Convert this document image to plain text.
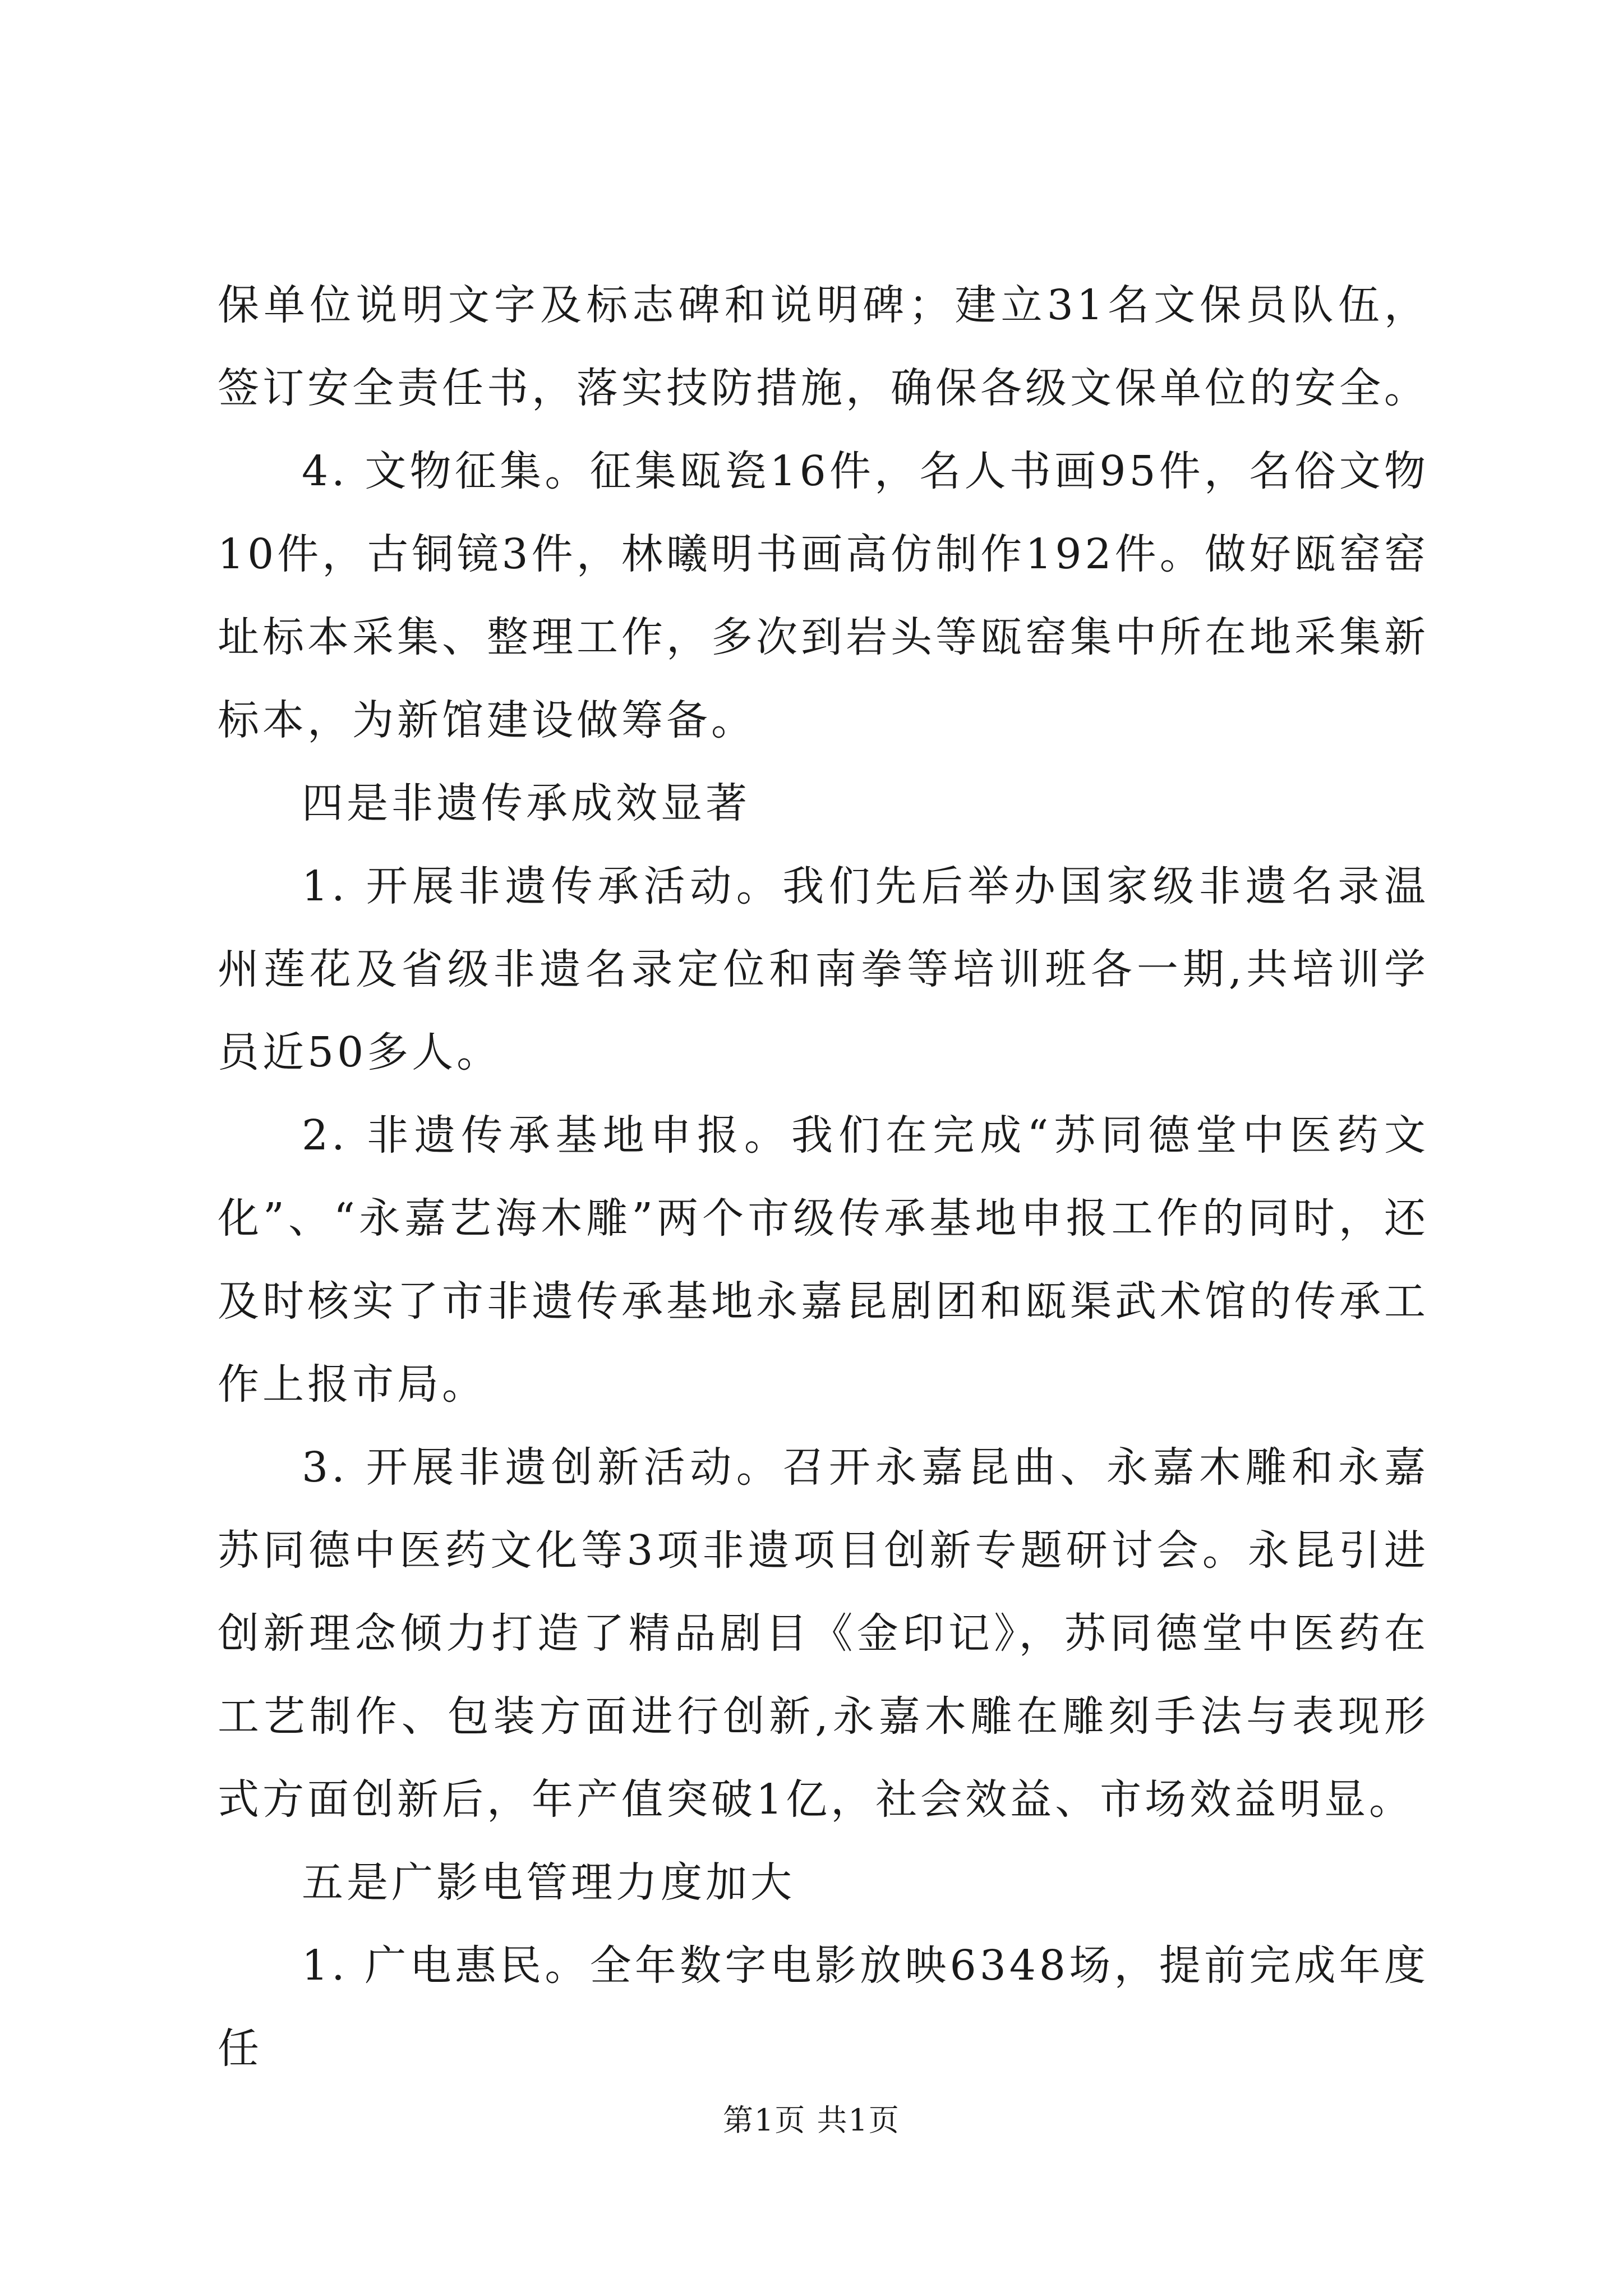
保单位说明文字及标志碑和说明碑；建立31名文保员队伍，签订安全责任书，落实技防措施，确保各级文保单位的安全。

4. 文物征集。征集瓯瓷16件，名人书画95件，名俗文物10件，古铜镜3件，林曦明书画高仿制作192件。做好瓯窑窑址标本采集、整理工作，多次到岩头等瓯窑集中所在地采集新标本，为新馆建设做筹备。

四是非遗传承成效显著

1. 开展非遗传承活动。我们先后举办国家级非遗名录温州莲花及省级非遗名录定位和南拳等培训班各一期,共培训学员近50多人。

2. 非遗传承基地申报。我们在完成“苏同德堂中医药文化”、“永嘉艺海木雕”两个市级传承基地申报工作的同时，还及时核实了市非遗传承基地永嘉昆剧团和瓯渠武术馆的传承工作上报市局。

3. 开展非遗创新活动。召开永嘉昆曲、永嘉木雕和永嘉苏同德中医药文化等3项非遗项目创新专题研讨会。永昆引进创新理念倾力打造了精品剧目《金印记》，苏同德堂中医药在工艺制作、包装方面进行创新,永嘉木雕在雕刻手法与表现形式方面创新后，年产值突破1亿，社会效益、市场效益明显。

五是广影电管理力度加大

1. 广电惠民。全年数字电影放映6348场，提前完成年度任

第1页 共1页
